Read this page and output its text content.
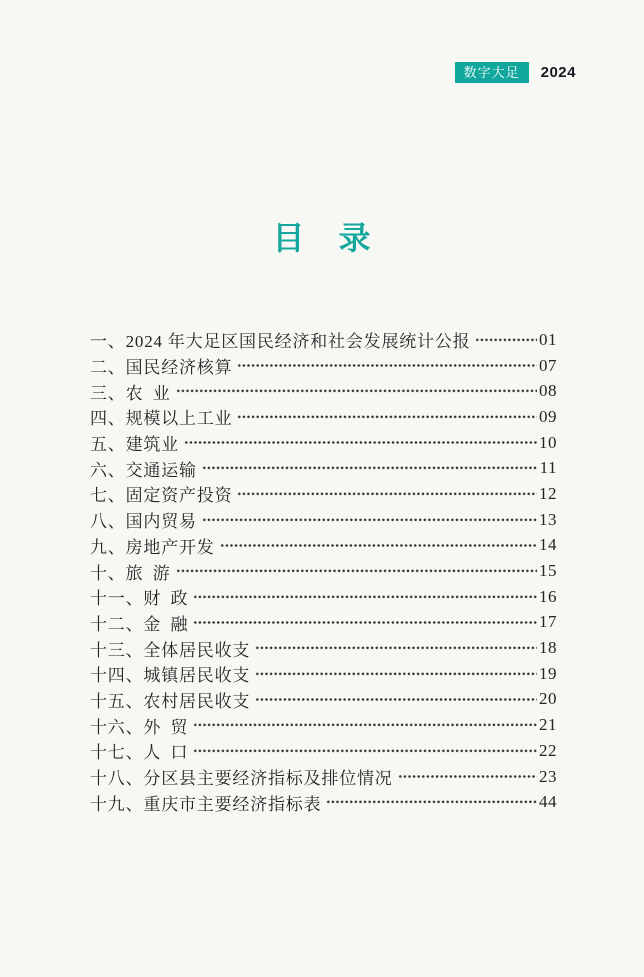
数字大足	2024
目　录
一、2024 年大足区国民经济和社会发展统计公报	01
二、国民经济核算	07
三、农 业	08
四、规模以上工业	09
五、建筑业	10
六、交通运输	11
七、固定资产投资	12
八、国内贸易	13
九、房地产开发	14
十、旅 游	15
十一、财 政	16
十二、金 融	17
十三、全体居民收支	18
十四、城镇居民收支	19
十五、农村居民收支	20
十六、外 贸	21
十七、人 口	22
十八、分区县主要经济指标及排位情况	23
十九、重庆市主要经济指标表	44
